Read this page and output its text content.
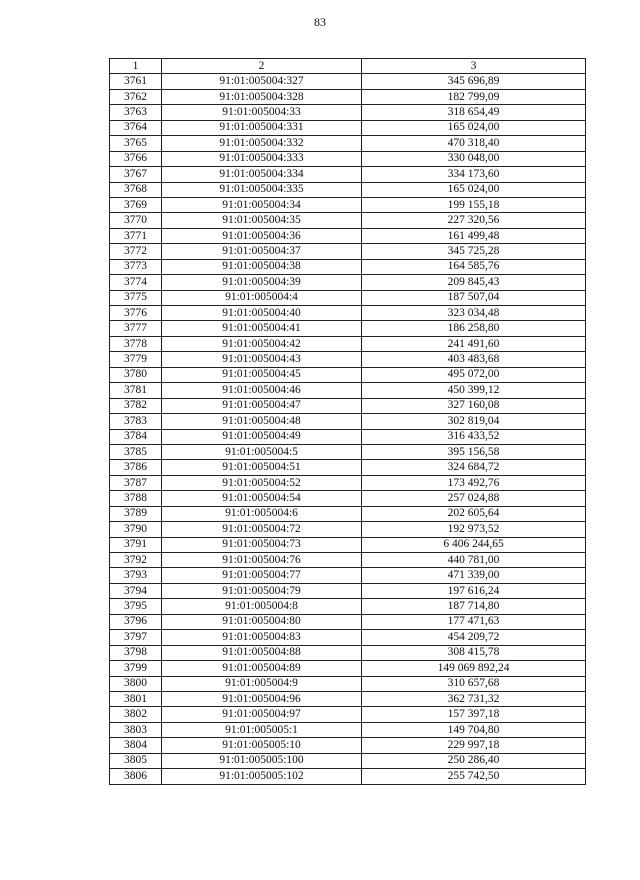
83
1	2	3
3761	91:01:005004:327	345 696,89
3762	91:01:005004:328	182 799,09
3763	91:01:005004:33	318 654,49
3764	91:01:005004:331	165 024,00
3765	91:01:005004:332	470 318,40
3766	91:01:005004:333	330 048,00
3767	91:01:005004:334	334 173,60
3768	91:01:005004:335	165 024,00
3769	91:01:005004:34	199 155,18
3770	91:01:005004:35	227 320,56
3771	91:01:005004:36	161 499,48
3772	91:01:005004:37	345 725,28
3773	91:01:005004:38	164 585,76
3774	91:01:005004:39	209 845,43
3775	91:01:005004:4	187 507,04
3776	91:01:005004:40	323 034,48
3777	91:01:005004:41	186 258,80
3778	91:01:005004:42	241 491,60
3779	91:01:005004:43	403 483,68
3780	91:01:005004:45	495 072,00
3781	91:01:005004:46	450 399,12
3782	91:01:005004:47	327 160,08
3783	91:01:005004:48	302 819,04
3784	91:01:005004:49	316 433,52
3785	91:01:005004:5	395 156,58
3786	91:01:005004:51	324 684,72
3787	91:01:005004:52	173 492,76
3788	91:01:005004:54	257 024,88
3789	91:01:005004:6	202 605,64
3790	91:01:005004:72	192 973,52
3791	91:01:005004:73	6 406 244,65
3792	91:01:005004:76	440 781,00
3793	91:01:005004:77	471 339,00
3794	91:01:005004:79	197 616,24
3795	91:01:005004:8	187 714,80
3796	91:01:005004:80	177 471,63
3797	91:01:005004:83	454 209,72
3798	91:01:005004:88	308 415,78
3799	91:01:005004:89	149 069 892,24
3800	91:01:005004:9	310 657,68
3801	91:01:005004:96	362 731,32
3802	91:01:005004:97	157 397,18
3803	91:01:005005:1	149 704,80
3804	91:01:005005:10	229 997,18
3805	91:01:005005:100	250 286,40
3806	91:01:005005:102	255 742,50
